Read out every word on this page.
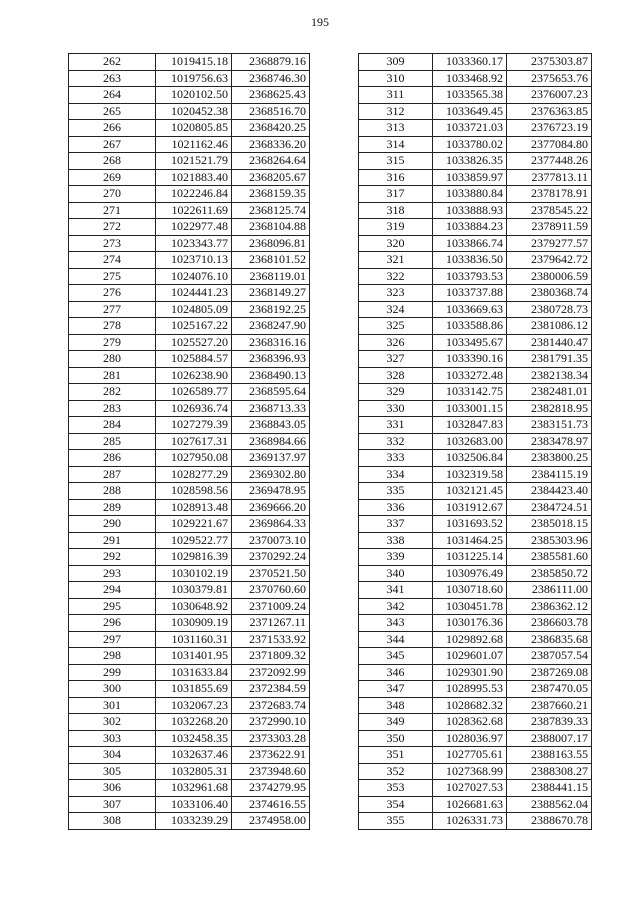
195
262	1019415.18	2368879.16
263	1019756.63	2368746.30
264	1020102.50	2368625.43
265	1020452.38	2368516.70
266	1020805.85	2368420.25
267	1021162.46	2368336.20
268	1021521.79	2368264.64
269	1021883.40	2368205.67
270	1022246.84	2368159.35
271	1022611.69	2368125.74
272	1022977.48	2368104.88
273	1023343.77	2368096.81
274	1023710.13	2368101.52
275	1024076.10	2368119.01
276	1024441.23	2368149.27
277	1024805.09	2368192.25
278	1025167.22	2368247.90
279	1025527.20	2368316.16
280	1025884.57	2368396.93
281	1026238.90	2368490.13
282	1026589.77	2368595.64
283	1026936.74	2368713.33
284	1027279.39	2368843.05
285	1027617.31	2368984.66
286	1027950.08	2369137.97
287	1028277.29	2369302.80
288	1028598.56	2369478.95
289	1028913.48	2369666.20
290	1029221.67	2369864.33
291	1029522.77	2370073.10
292	1029816.39	2370292.24
293	1030102.19	2370521.50
294	1030379.81	2370760.60
295	1030648.92	2371009.24
296	1030909.19	2371267.11
297	1031160.31	2371533.92
298	1031401.95	2371809.32
299	1031633.84	2372092.99
300	1031855.69	2372384.59
301	1032067.23	2372683.74
302	1032268.20	2372990.10
303	1032458.35	2373303.28
304	1032637.46	2373622.91
305	1032805.31	2373948.60
306	1032961.68	2374279.95
307	1033106.40	2374616.55
308	1033239.29	2374958.00
309	1033360.17	2375303.87
310	1033468.92	2375653.76
311	1033565.38	2376007.23
312	1033649.45	2376363.85
313	1033721.03	2376723.19
314	1033780.02	2377084.80
315	1033826.35	2377448.26
316	1033859.97	2377813.11
317	1033880.84	2378178.91
318	1033888.93	2378545.22
319	1033884.23	2378911.59
320	1033866.74	2379277.57
321	1033836.50	2379642.72
322	1033793.53	2380006.59
323	1033737.88	2380368.74
324	1033669.63	2380728.73
325	1033588.86	2381086.12
326	1033495.67	2381440.47
327	1033390.16	2381791.35
328	1033272.48	2382138.34
329	1033142.75	2382481.01
330	1033001.15	2382818.95
331	1032847.83	2383151.73
332	1032683.00	2383478.97
333	1032506.84	2383800.25
334	1032319.58	2384115.19
335	1032121.45	2384423.40
336	1031912.67	2384724.51
337	1031693.52	2385018.15
338	1031464.25	2385303.96
339	1031225.14	2385581.60
340	1030976.49	2385850.72
341	1030718.60	2386111.00
342	1030451.78	2386362.12
343	1030176.36	2386603.78
344	1029892.68	2386835.68
345	1029601.07	2387057.54
346	1029301.90	2387269.08
347	1028995.53	2387470.05
348	1028682.32	2387660.21
349	1028362.68	2387839.33
350	1028036.97	2388007.17
351	1027705.61	2388163.55
352	1027368.99	2388308.27
353	1027027.53	2388441.15
354	1026681.63	2388562.04
355	1026331.73	2388670.78
